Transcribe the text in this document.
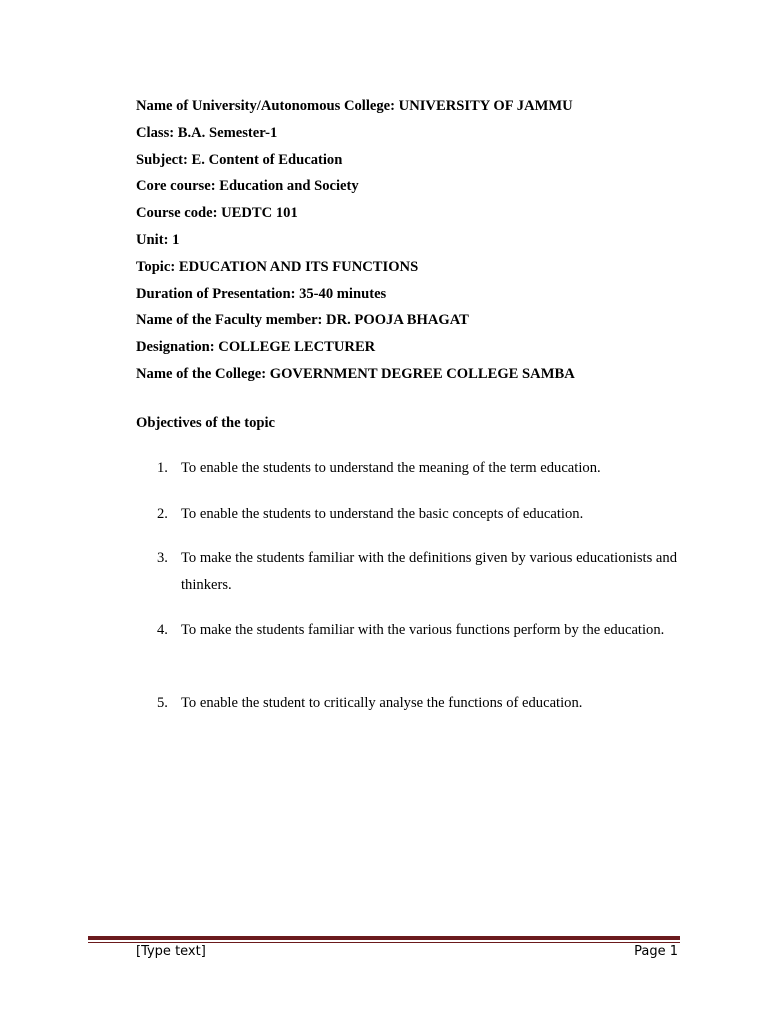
Name of University/Autonomous College: UNIVERSITY OF JAMMU
Class: B.A. Semester-1
Subject: E. Content of Education
Core course: Education and Society
Course code: UEDTC 101
Unit: 1
Topic: EDUCATION AND ITS FUNCTIONS
Duration of Presentation: 35-40 minutes
Name of the Faculty member: DR. POOJA BHAGAT
Designation: COLLEGE LECTURER
Name of the College: GOVERNMENT DEGREE COLLEGE SAMBA
Objectives of the topic
1. To enable the students to understand the meaning of the term education.
2. To enable the students to understand the basic concepts of education.
3. To make the students familiar with the definitions given by various educationists and thinkers.
4. To make the students familiar with the various functions perform by the education.
5. To enable the student to critically analyse the functions of education.
[Type text]	Page 1
